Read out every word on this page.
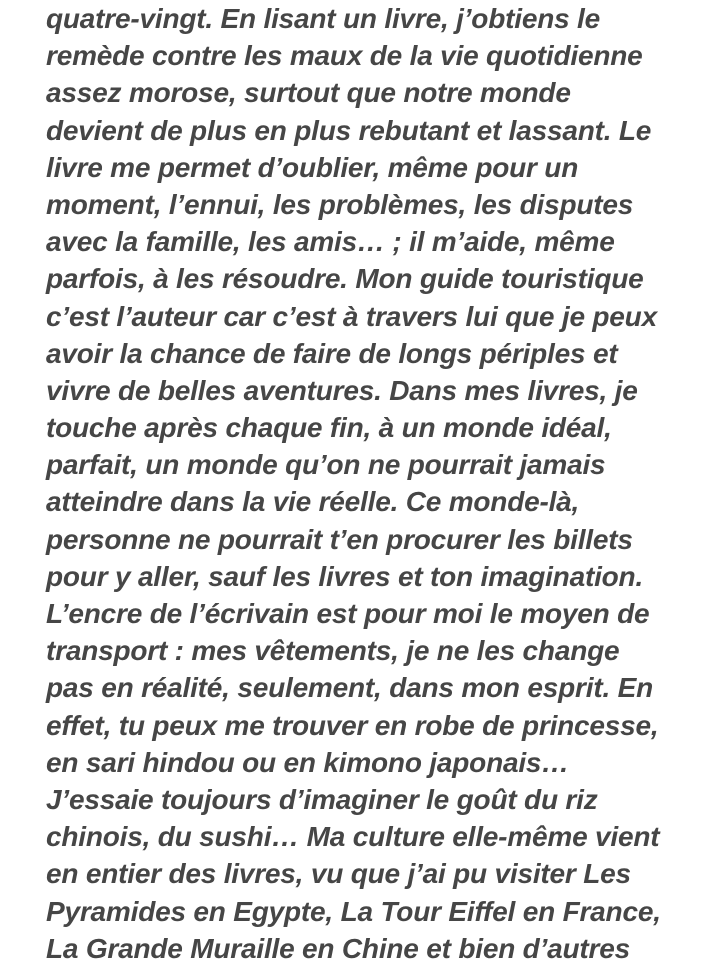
quatre-vingt. En lisant un livre, j’obtiens le
remède contre les maux de la vie quotidienne
assez morose, surtout que notre monde
devient de plus en plus rebutant et lassant. Le
livre me permet d’oublier, même pour un
moment, l’ennui, les problèmes, les disputes
avec la famille, les amis… ; il m’aide, même
parfois, à les résoudre. Mon guide touristique
c’est l’auteur car c’est à travers lui que je peux
avoir la chance de faire de longs périples et
vivre de belles aventures. Dans mes livres, je
touche après chaque fin, à un monde idéal,
parfait, un monde qu’on ne pourrait jamais
atteindre dans la vie réelle. Ce monde-là,
personne ne pourrait t’en procurer les billets
pour y aller, sauf les livres et ton imagination.
L’encre de l’écrivain est pour moi le moyen de
transport : mes vêtements, je ne les change
pas en réalité, seulement, dans mon esprit. En
effet, tu peux me trouver en robe de princesse,
en sari hindou ou en kimono japonais…
J’essaie toujours d’imaginer le goût du riz
chinois, du sushi… Ma culture elle-même vient
en entier des livres, vu que j’ai pu visiter Les
Pyramides en Egypte, La Tour Eiffel en France,
La Grande Muraille en Chine et bien d’autres
